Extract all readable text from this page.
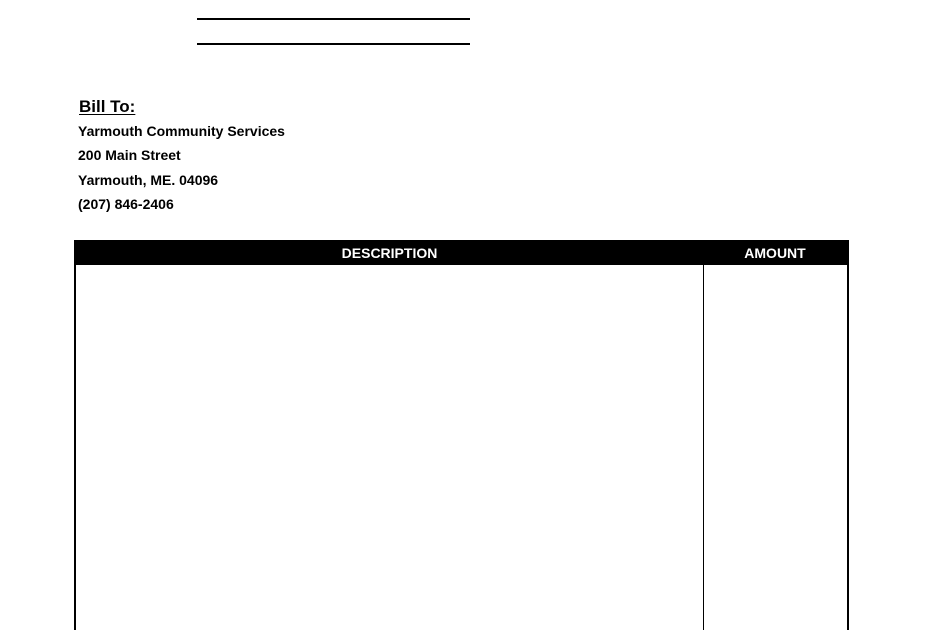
Bill To:
Yarmouth Community Services
200 Main Street
Yarmouth, ME. 04096
(207) 846-2406
DESCRIPTION	AMOUNT
